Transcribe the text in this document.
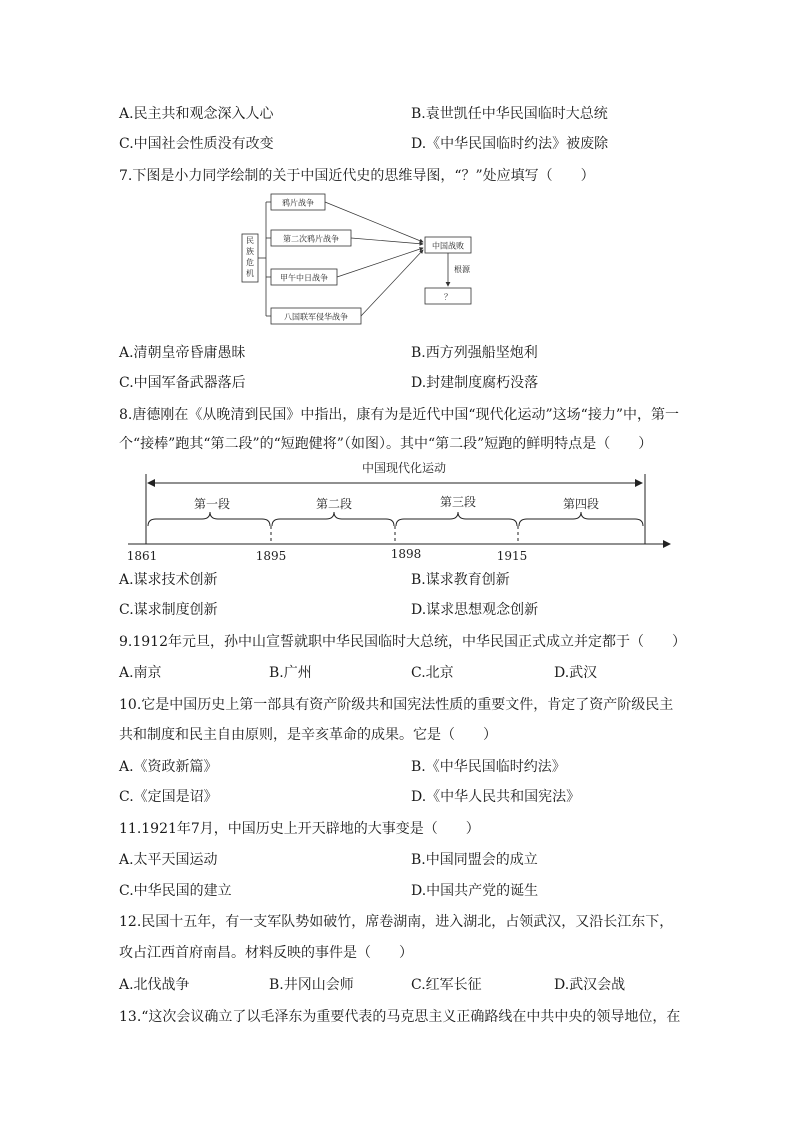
A.民主共和观念深入人心	B.袁世凯任中华民国临时大总统
C.中国社会性质没有改变	D.《中华民国临时约法》被废除
7.下图是小力同学绘制的关于中国近代史的思维导图，“？”处应填写（　　）
民
族
危
机
鸦片战争
第二次鸦片战争
甲午中日战争
八国联军侵华战争
中国战败
根源
？
A.清朝皇帝昏庸愚昧	B.西方列强船坚炮利
C.中国军备武器落后	D.封建制度腐朽没落
8.唐德刚在《从晚清到民国》中指出，康有为是近代中国“现代化运动”这场“接力”中，第一
个“接棒”跑其“第二段”的“短跑健将”（如图）。其中“第二段”短跑的鲜明特点是（　　）
中国现代化运动
第一段	第二段	第三段	第四段
1861	1895	1898	1915
A.谋求技术创新	B.谋求教育创新
C.谋求制度创新	D.谋求思想观念创新
9.1912年元旦，孙中山宣誓就职中华民国临时大总统，中华民国正式成立并定都于（　　）
A.南京	B.广州	C.北京	D.武汉
10.它是中国历史上第一部具有资产阶级共和国宪法性质的重要文件，肯定了资产阶级民主
共和制度和民主自由原则，是辛亥革命的成果。它是（　　）
A.《资政新篇》	B.《中华民国临时约法》
C.《定国是诏》	D.《中华人民共和国宪法》
11.1921年7月，中国历史上开天辟地的大事变是（　　）
A.太平天国运动	B.中国同盟会的成立
C.中华民国的建立	D.中国共产党的诞生
12.民国十五年，有一支军队势如破竹，席卷湖南，进入湖北，占领武汉，又沿长江东下，
攻占江西首府南昌。材料反映的事件是（　　）
A.北伐战争	B.井冈山会师	C.红军长征	D.武汉会战
13.“这次会议确立了以毛泽东为重要代表的马克思主义正确路线在中共中央的领导地位，在
